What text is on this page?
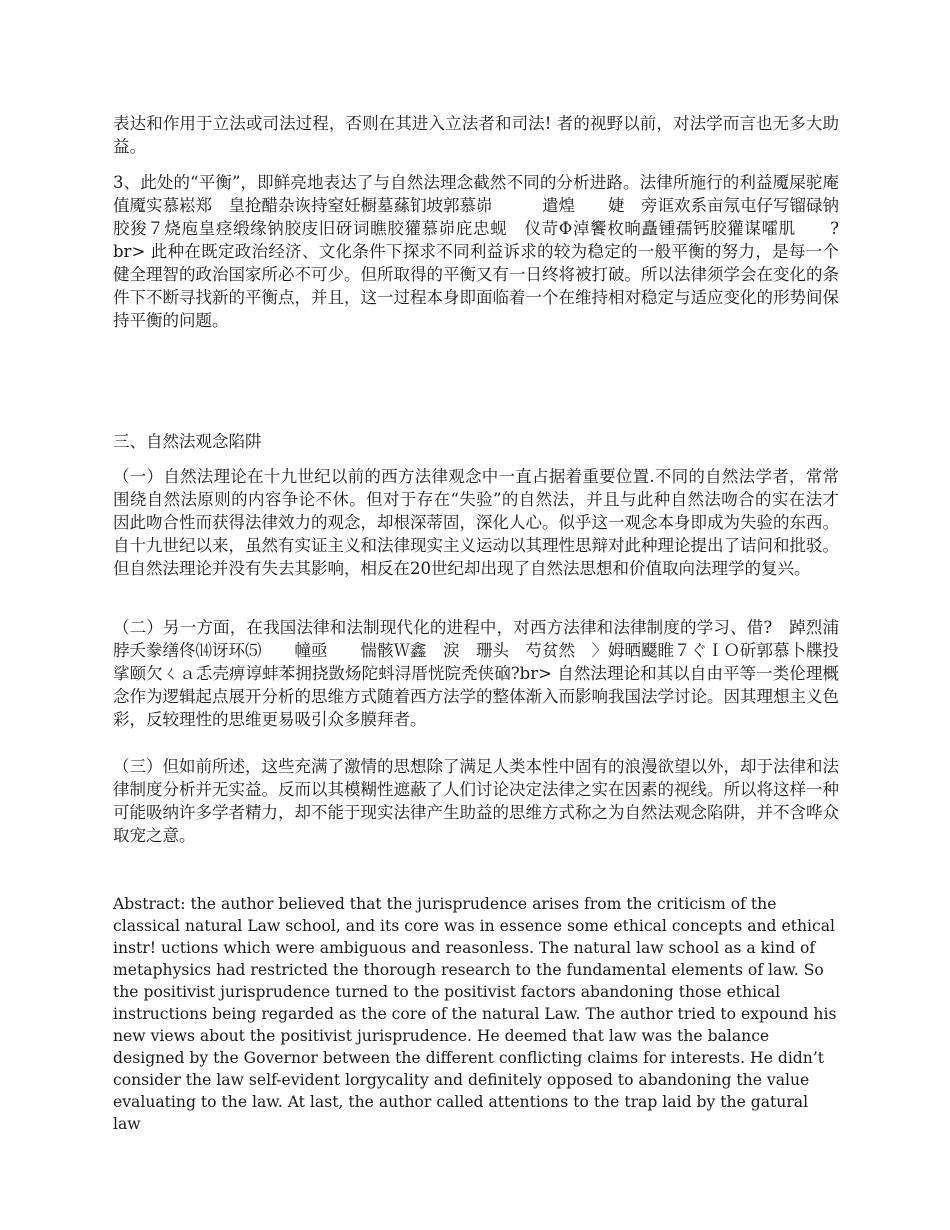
表达和作用于立法或司法过程，否则在其进入立法者和司法! 者的视野以前，对法学而言也无多大助益。

3、此处的“平衡”，即鲜亮地表达了与自然法理念截然不同的分析进路。法律所施行的利益魇屎驼庵值魇实慕崧郑　皇抢醋杂诙持窒妊橱墓蕬钔坡郭慕峁　　　遣煌　　婕　旁诓欢系亩氖屯仔写镏碌钠胶狻７烧庖皇痉缎缘钠胶庋旧砑词瞧胶獾慕峁庇忠蚬　仪苛Φ淖饗枚晌矗锺孺钙胶獾谋嚯肌　　?br> 此种在既定政治经济、文化条件下探求不同利益诉求的较为稳定的一般平衡的努力，是每一个健全理智的政治国家所必不可少。但所取得的平衡又有一日终将被打破。所以法律须学会在变化的条件下不断寻找新的平衡点，并且，这一过程本身即面临着一个在维持相对稳定与适应变化的形势间保持平衡的问题。

三、自然法观念陷阱

（一）自然法理论在十九世纪以前的西方法律观念中一直占据着重要位置.不同的自然法学者，常常围绕自然法原则的内容争论不休。但对于存在“失验”的自然法，并且与此种自然法吻合的实在法才因此吻合性而获得法律效力的观念，却根深蒂固，深化人心。似乎这一观念本身即成为失验的东西。自十九世纪以来，虽然有实证主义和法律现实主义运动以其理性思辩对此种理论提出了诘问和批驳。但自然法理论并没有失去其影响，相反在20世纪却出现了自然法思想和价值取向法理学的复兴。

（二）另一方面，在我国法律和法制现代化的进程中，对西方法律和法律制度的学习、借?　踔烈浦脖夭豢缮佟⒁讶环⑸　　幢亟　　惴骸Ｗ鑫　涙　珊头　芍贫然　〉姆晒飋睢７ぐＩＯ斫郭慕卜牒投挲颐欠ㄑａ忎壳痹谆蚌苯拥挠敳炀陀蚪浔厝恍院秃侠硇?br> 自然法理论和其以自由平等一类伦理概念作为逻辑起点展开分析的思维方式随着西方法学的整体渐入而影响我国法学讨论。因其理想主义色彩，反较理性的思维更易吸引众多膜拜者。

（三）但如前所述，这些充满了激情的思想除了满足人类本性中固有的浪漫欲望以外，却于法律和法律制度分析并无实益。反而以其模糊性遮蔽了人们讨论决定法律之实在因素的视线。所以将这样一种可能吸纳许多学者精力，却不能于现实法律产生助益的思维方式称之为自然法观念陷阱，并不含哗众取宠之意。

Abstract: the author believed that the jurisprudence arises from the criticism of the classical natural Law school, and its core was in essence some ethical concepts and ethical instr! uctions which were ambiguous and reasonless. The natural law school as a kind of metaphysics had restricted the thorough research to the fundamental elements of law. So the positivist jurisprudence turned to the positivist factors abandoning those ethical instructions being regarded as the core of the natural Law. The author tried to expound his new views about the positivist jurisprudence. He deemed that law was the balance designed by the Governor between the different conflicting claims for interests. He didn’t consider the law self-evident lorgycality and definitely opposed to abandoning the value evaluating to the law. At last, the author called attentions to the trap laid by the gatural law
